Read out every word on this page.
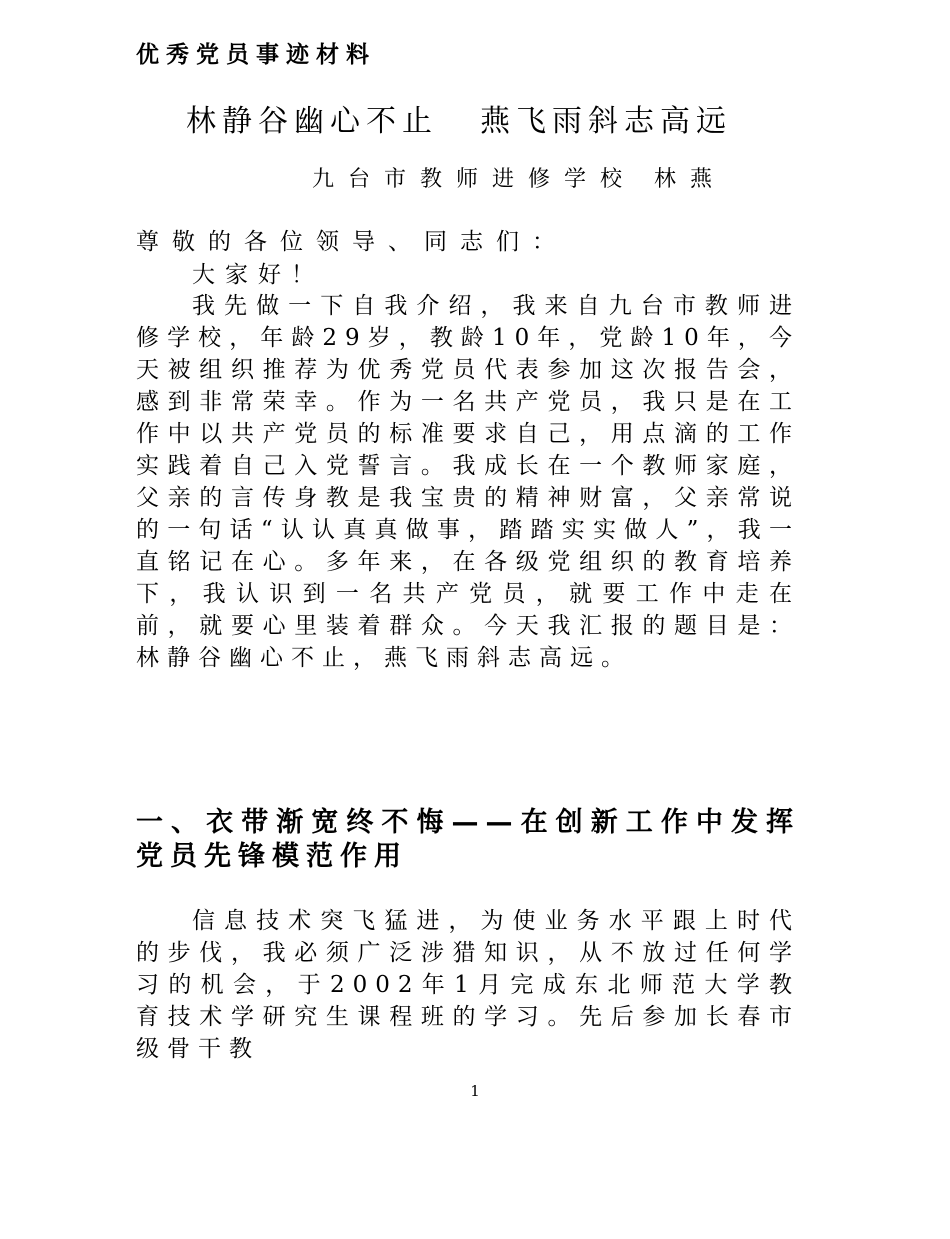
优秀党员事迹材料
林静谷幽心不止 燕飞雨斜志高远
九台市教师进修学校 林燕

尊敬的各位领导、同志们：

大家好！

我先做一下自我介绍，我来自九台市教师进修学校，年龄29岁，教龄10年，党龄10年，今天被组织推荐为优秀党员代表参加这次报告会，感到非常荣幸。作为一名共产党员，我只是在工作中以共产党员的标准要求自己，用点滴的工作实践着自己入党誓言。我成长在一个教师家庭，父亲的言传身教是我宝贵的精神财富，父亲常说的一句话“认认真真做事，踏踏实实做人”，我一直铭记在心。多年来，在各级党组织的教育培养下，我认识到一名共产党员，就要工作中走在前，就要心里装着群众。今天我汇报的题目是：林静谷幽心不止，燕飞雨斜志高远。

一、衣带渐宽终不悔——在创新工作中发挥党员先锋模范作用

信息技术突飞猛进，为使业务水平跟上时代的步伐，我必须广泛涉猎知识，从不放过任何学习的机会，于2002年1月完成东北师范大学教育技术学研究生课程班的学习。先后参加长春市级骨干教

1
